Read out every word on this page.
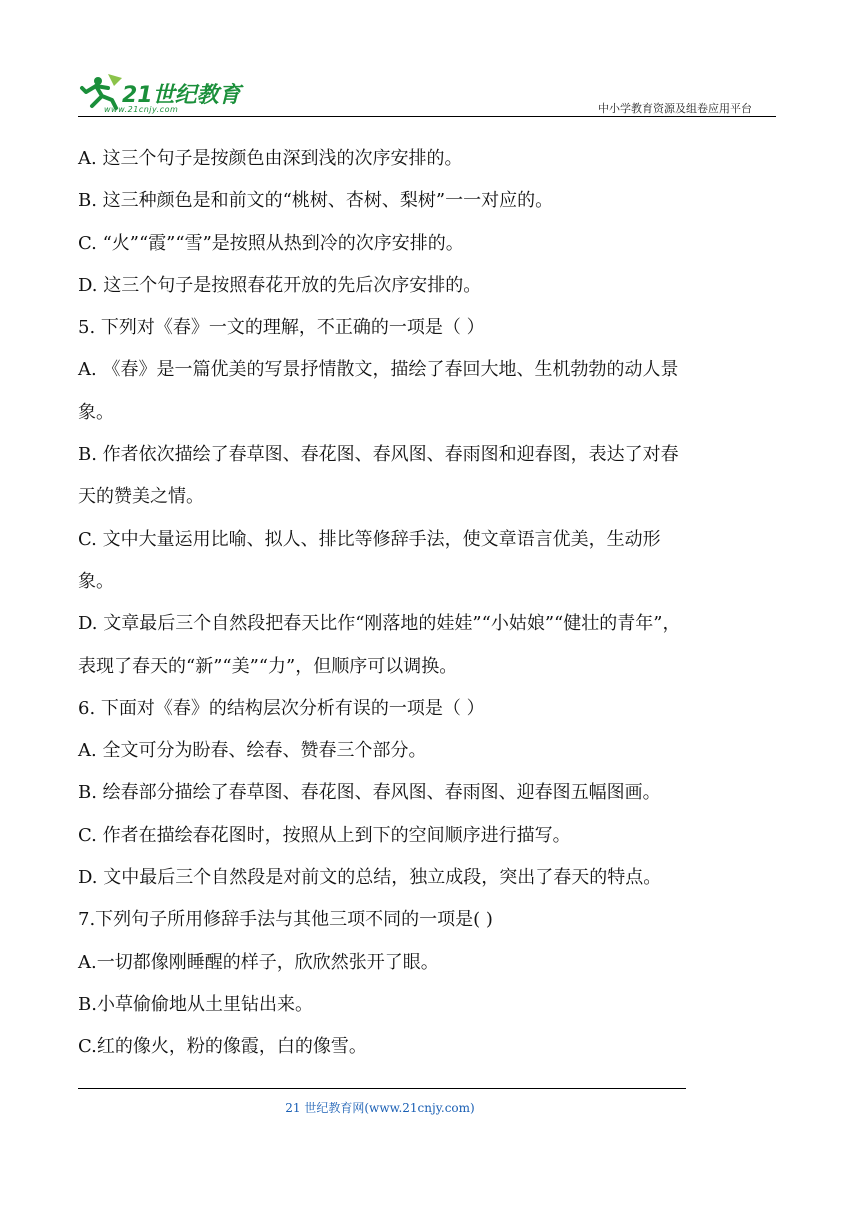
21世纪教育
www.21cnjy.com	中小学教育资源及组卷应用平台

A. 这三个句子是按颜色由深到浅的次序安排的。

B. 这三种颜色是和前文的“桃树、杏树、梨树”一一对应的。

C. “火”“霞”“雪”是按照从热到冷的次序安排的。

D. 这三个句子是按照春花开放的先后次序安排的。

5. 下列对《春》一文的理解，不正确的一项是（ ）

A. 《春》是一篇优美的写景抒情散文，描绘了春回大地、生机勃勃的动人景

象。

B. 作者依次描绘了春草图、春花图、春风图、春雨图和迎春图，表达了对春

天的赞美之情。

C. 文中大量运用比喻、拟人、排比等修辞手法，使文章语言优美，生动形

象。

D. 文章最后三个自然段把春天比作“刚落地的娃娃”“小姑娘”“健壮的青年”，

表现了春天的“新”“美”“力”，但顺序可以调换。

6. 下面对《春》的结构层次分析有误的一项是（ ）

A. 全文可分为盼春、绘春、赞春三个部分。

B. 绘春部分描绘了春草图、春花图、春风图、春雨图、迎春图五幅图画。

C. 作者在描绘春花图时，按照从上到下的空间顺序进行描写。

D. 文中最后三个自然段是对前文的总结，独立成段，突出了春天的特点。

7.下列句子所用修辞手法与其他三项不同的一项是( )

A.一切都像刚睡醒的样子，欣欣然张开了眼。

B.小草偷偷地从土里钻出来。

C.红的像火，粉的像霞，白的像雪。

21 世纪教育网(www.21cnjy.com)
